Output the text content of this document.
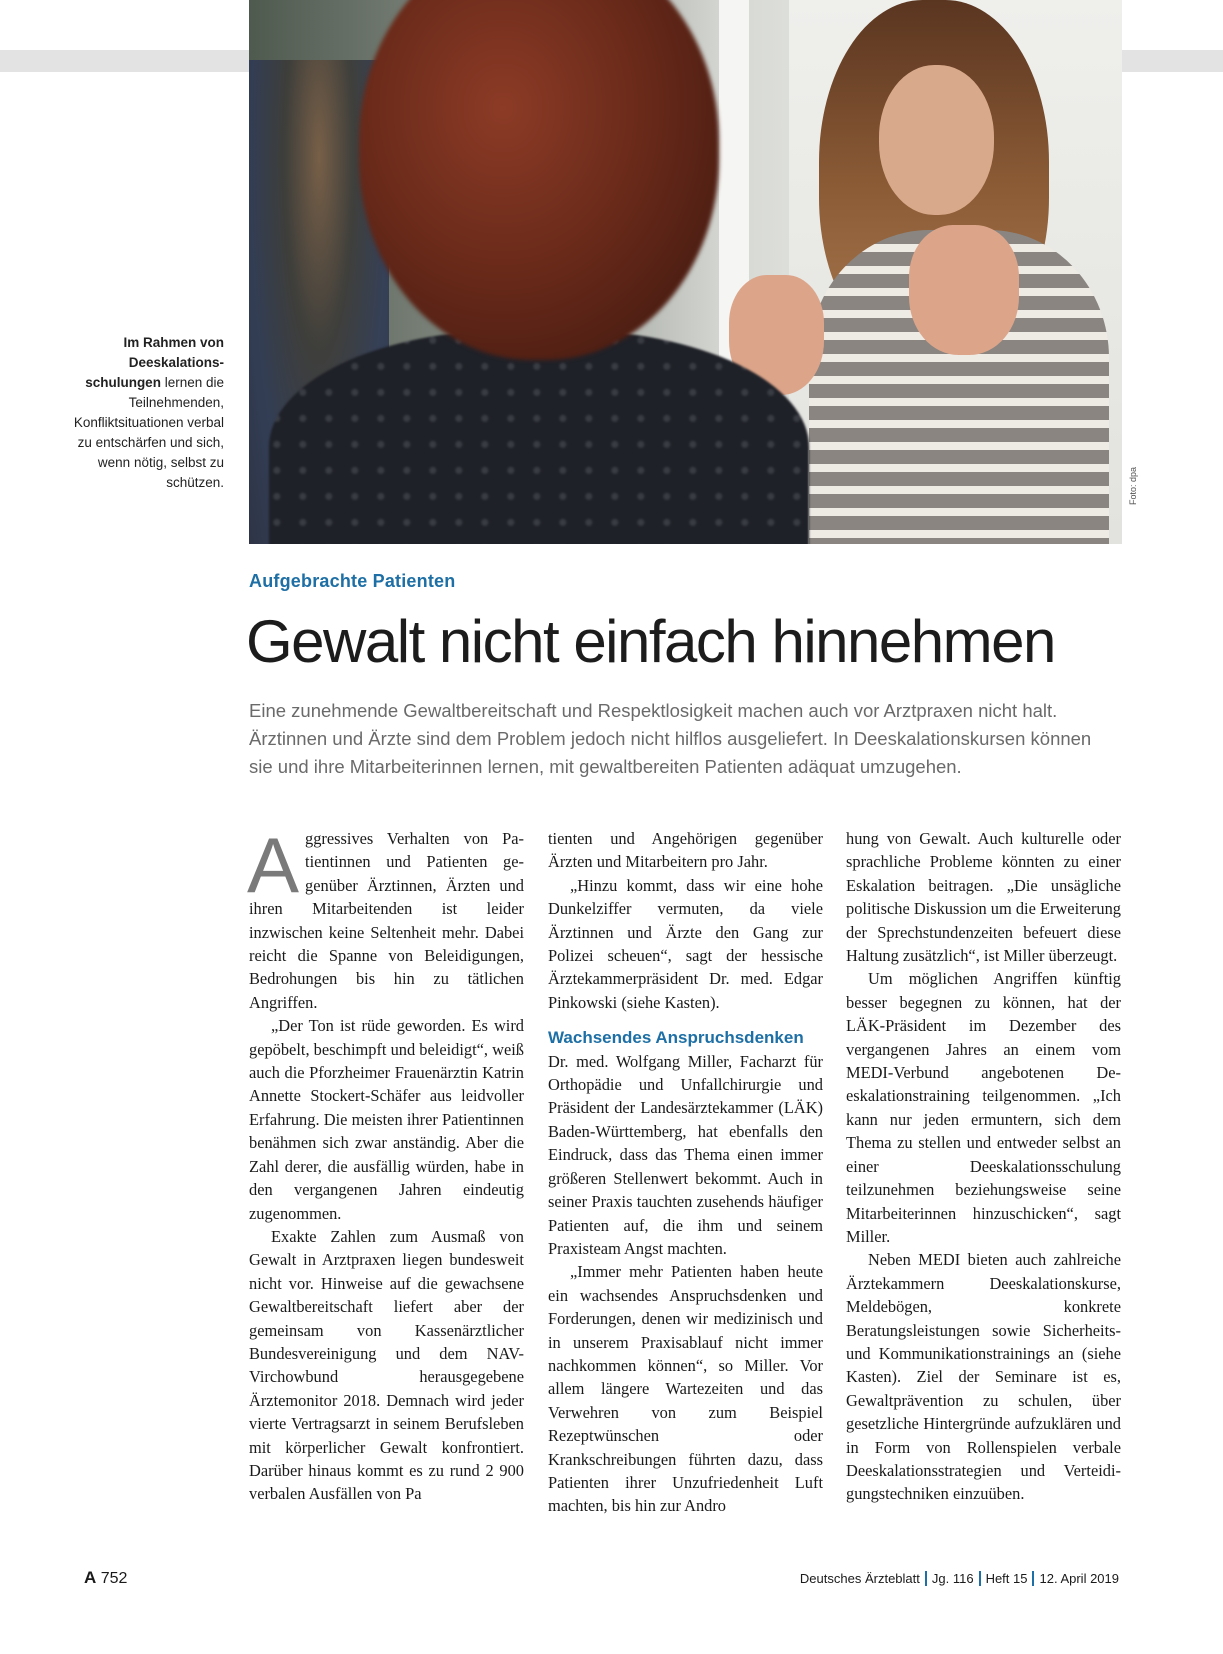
Foto: dpa
Im Rahmen von Deeskalationsschulungen lernen die Teilnehmenden, Konfliktsituationen verbal zu entschärfen und sich, wenn nötig, selbst zu schützen.
Aufgebrachte Patienten
Gewalt nicht einfach hinnehmen
Eine zunehmende Gewaltbereitschaft und Respektlosigkeit machen auch vor Arztpraxen nicht halt. Ärztinnen und Ärzte sind dem Problem jedoch nicht hilflos ausgeliefert. In Deeskalationskursen können sie und ihre Mitarbeiterinnen lernen, mit gewaltbereiten Patienten adäquat umzugehen.

Aggressives Verhalten von Patientinnen und Patienten gegenüber Ärztinnen, Ärzten und ihren Mitarbeitenden ist leider inzwischen keine Seltenheit mehr. Dabei reicht die Spanne von Beleidigungen, Bedrohungen bis hin zu tätlichen Angriffen.

„Der Ton ist rüde geworden. Es wird gepöbelt, beschimpft und beleidigt“, weiß auch die Pforzheimer Frauenärztin Katrin Annette Stockert-Schäfer aus leidvoller Erfahrung. Die meisten ihrer Patientinnen benähmen sich zwar anständig. Aber die Zahl derer, die ausfällig würden, habe in den vergangenen Jahren eindeutig zugenommen.

Exakte Zahlen zum Ausmaß von Gewalt in Arztpraxen liegen bundesweit nicht vor. Hinweise auf die gewachsene Gewaltbereitschaft liefert aber der gemeinsam von Kassenärztlicher Bundesvereinigung und dem NAV-Virchowbund herausgegebene Ärztemonitor 2018. Demnach wird jeder vierte Vertragsarzt in seinem Berufsleben mit körperlicher Gewalt konfrontiert. Darüber hinaus kommt es zu rund 2 900 verbalen Ausfällen von Pa

tienten und Angehörigen gegenüber Ärzten und Mitarbeitern pro Jahr.

„Hinzu kommt, dass wir eine hohe Dunkelziffer vermuten, da viele Ärztinnen und Ärzte den Gang zur Polizei scheuen“, sagt der hessische Ärztekammerpräsident Dr. med. Edgar Pinkowski (siehe Kasten).

Wachsendes Anspruchsdenken

Dr. med. Wolfgang Miller, Facharzt für Orthopädie und Unfallchirurgie und Präsident der Landesärztekammer (LÄK) Baden-Württemberg, hat ebenfalls den Eindruck, dass das Thema einen immer größeren Stellenwert bekommt. Auch in seiner Praxis tauchten zusehends häufiger Patienten auf, die ihm und seinem Praxisteam Angst machten.

„Immer mehr Patienten haben heute ein wachsendes Anspruchsdenken und Forderungen, denen wir medizinisch und in unserem Praxisablauf nicht immer nachkommen können“, so Miller. Vor allem längere Wartezeiten und das Verwehren von zum Beispiel Rezeptwünschen oder Krankschreibungen führten dazu, dass Patienten ihrer Unzufriedenheit Luft machten, bis hin zur Andro

hung von Gewalt. Auch kulturelle oder sprachliche Probleme könnten zu einer Eskalation beitragen. „Die unsägliche politische Diskussion um die Erweiterung der Sprechstundenzeiten befeuert diese Haltung zusätzlich“, ist Miller überzeugt.

Um möglichen Angriffen künftig besser begegnen zu können, hat der LÄK-Präsident im Dezember des vergangenen Jahres an einem vom MEDI-Verbund angebotenen Deeskalationstraining teilgenommen. „Ich kann nur jeden ermuntern, sich dem Thema zu stellen und entweder selbst an einer Deeskalationsschulung teilzunehmen beziehungsweise seine Mitarbeiterinnen hinzuschicken“, sagt Miller.

Neben MEDI bieten auch zahlreiche Ärztekammern Deeskalationskurse, Meldebögen, konkrete Beratungsleistungen sowie Sicherheits- und Kommunikationstrainings an (siehe Kasten). Ziel der Seminare ist es, Gewaltprävention zu schulen, über gesetzliche Hintergründe aufzuklären und in Form von Rollenspielen verbale Deeskalationsstrategien und Verteidigungstechniken einzuüben.

A 752	Deutsches Ärzteblatt Jg. 116 Heft 15 12. April 2019
